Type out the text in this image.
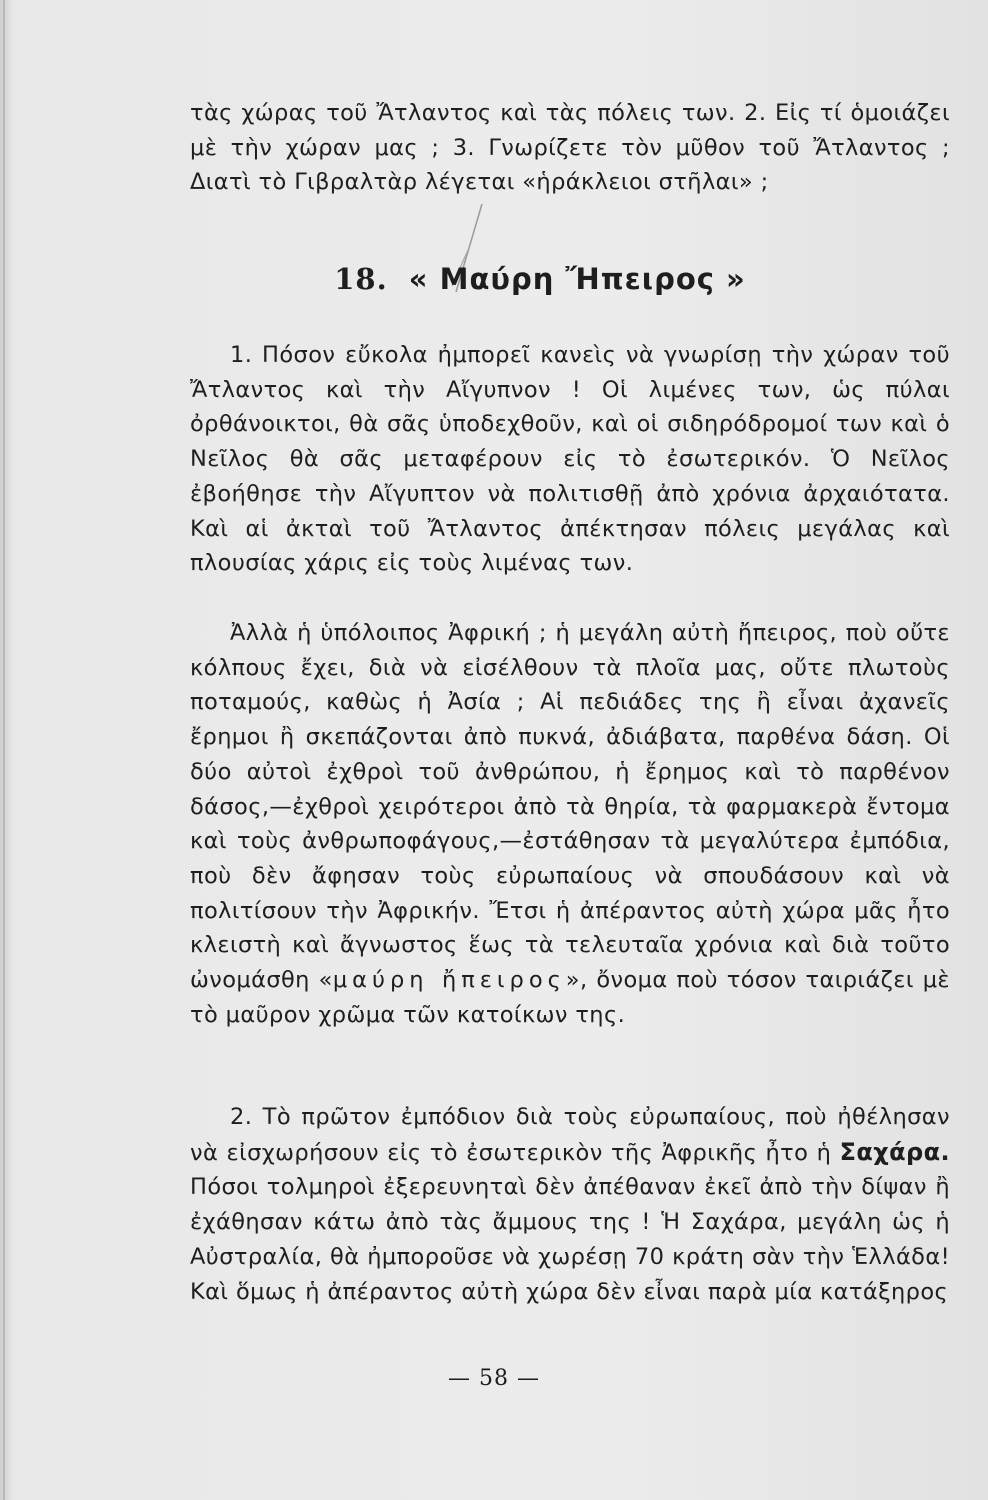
τὰς χώρας τοῦ Ἄτλαντος καὶ τὰς πόλεις των. 2. Εἰς τί ὁμοιάζει μὲ τὴν χώραν μας ; 3. Γνωρίζετε τὸν μῦθον τοῦ Ἄτλαντος ; Διατὶ τὸ Γιβραλτὰρ λέγεται «ἡράκλειοι στῆλαι» ;

18. « Μαύρη Ἤπειρος »

1. Πόσον εὔκολα ἠμπορεῖ κανεὶς νὰ γνωρίσῃ τὴν χώραν τοῦ Ἄτλαντος καὶ τὴν Αἴγυπνον ! Οἱ λιμένες των, ὡς πύλαι ὀρθάνοικτοι, θὰ σᾶς ὑποδεχθοῦν, καὶ οἱ σιδηρόδρομοί των καὶ ὁ Νεῖλος θὰ σᾶς μεταφέρουν εἰς τὸ ἐσωτερικόν. Ὁ Νεῖλος ἐβοήθησε τὴν Αἴγυπτον νὰ πολιτισθῇ ἀπὸ χρόνια ἀρχαιότατα. Καὶ αἱ ἀκταὶ τοῦ Ἄτλαντος ἀπέκτησαν πόλεις μεγάλας καὶ πλουσίας χάρις εἰς τοὺς λιμένας των.

Ἀλλὰ ἡ ὑπόλοιπος Ἀφρική ; ἡ μεγάλη αὐτὴ ἤπειρος, ποὺ οὔτε κόλπους ἔχει, διὰ νὰ εἰσέλθουν τὰ πλοῖα μας, οὔτε πλωτοὺς ποταμούς, καθὼς ἡ Ἀσία ; Αἱ πεδιάδες της ἢ εἶναι ἀχανεῖς ἔρημοι ἢ σκεπάζονται ἀπὸ πυκνά, ἀδιάβατα, παρθένα δάση. Οἱ δύο αὐτοὶ ἐχθροὶ τοῦ ἀνθρώπου, ἡ ἔρημος καὶ τὸ παρθένον δάσος,—ἐχθροὶ χειρότεροι ἀπὸ τὰ θηρία, τὰ φαρμακερὰ ἔντομα καὶ τοὺς ἀνθρωποφάγους,—ἐστάθησαν τὰ μεγαλύτερα ἐμπόδια, ποὺ δὲν ἄφησαν τοὺς εὐρωπαίους νὰ σπουδάσουν καὶ νὰ πολιτίσουν τὴν Ἀφρικήν. Ἔτσι ἡ ἀπέραντος αὐτὴ χώρα μᾶς ἦτο κλειστὴ καὶ ἄγνωστος ἕως τὰ τελευταῖα χρόνια καὶ διὰ τοῦτο ὠνομάσθη «μαύρη ἤπειρος», ὄνομα ποὺ τόσον ταιριάζει μὲ τὸ μαῦρον χρῶμα τῶν κατοίκων της.

2. Τὸ πρῶτον ἐμπόδιον διὰ τοὺς εὐρωπαίους, ποὺ ἠθέλησαν νὰ εἰσχωρήσουν εἰς τὸ ἐσωτερικὸν τῆς Ἀφρικῆς ἦτο ἡ Σαχάρα. Πόσοι τολμηροὶ ἐξερευνηταὶ δὲν ἀπέθαναν ἐκεῖ ἀπὸ τὴν δίψαν ἢ ἐχάθησαν κάτω ἀπὸ τὰς ἄμμους της ! Ἡ Σαχάρα, μεγάλη ὡς ἡ Αὐστραλία, θὰ ἠμποροῦσε νὰ χωρέσῃ 70 κράτη σὰν τὴν Ἑλλάδα! Καὶ ὅμως ἡ ἀπέραντος αὐτὴ χώρα δὲν εἶναι παρὰ μία κατάξηρος

— 58 —
